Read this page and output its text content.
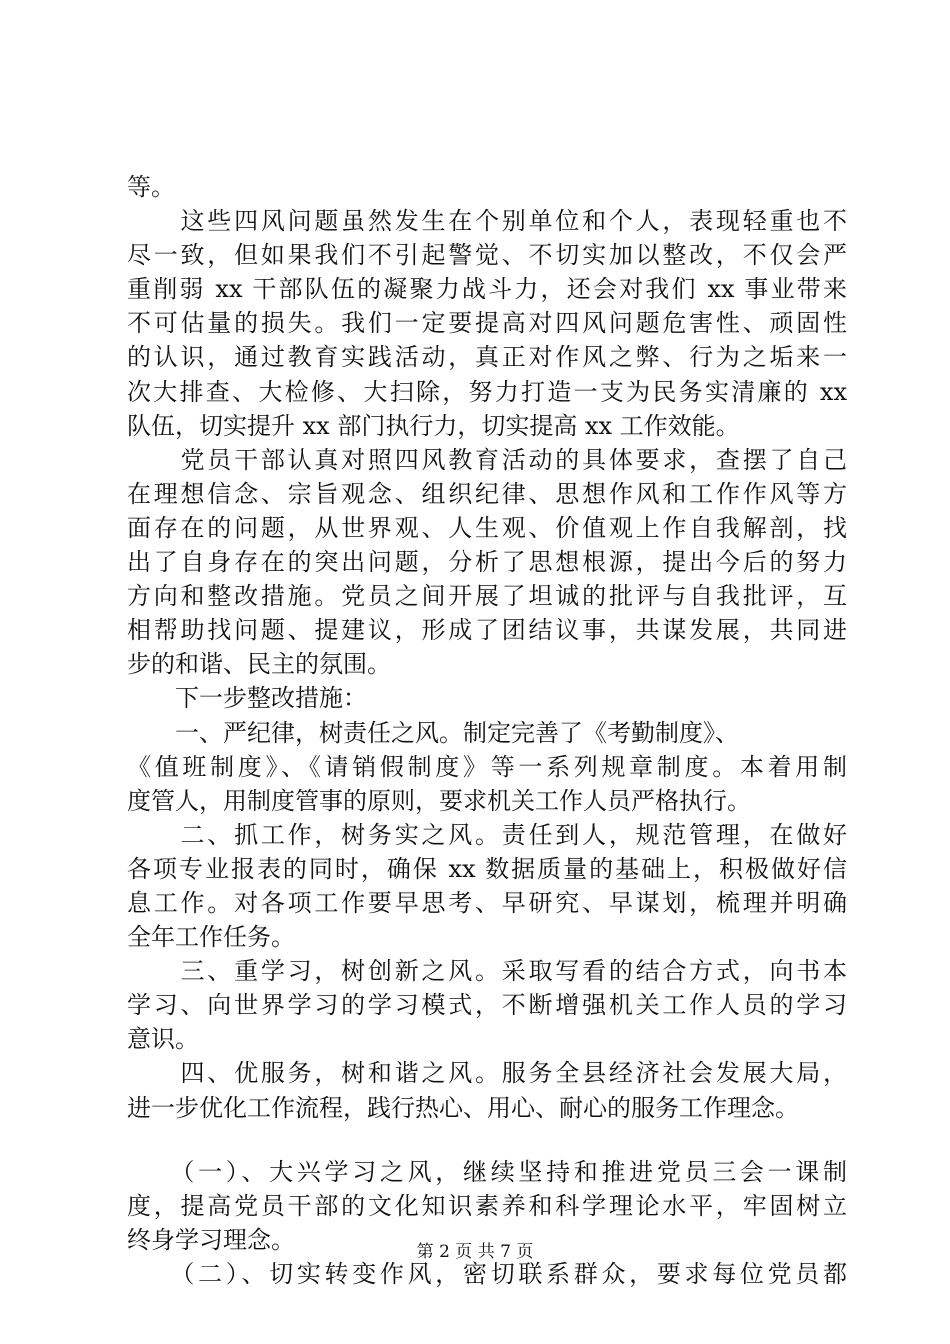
等。
　　这些四风问题虽然发生在个别单位和个人，表现轻重也不
尽一致，但如果我们不引起警觉、不切实加以整改，不仅会严
重削弱 xx 干部队伍的凝聚力战斗力，还会对我们 xx 事业带来
不可估量的损失。我们一定要提高对四风问题危害性、顽固性
的认识，通过教育实践活动，真正对作风之弊、行为之垢来一
次大排查、大检修、大扫除，努力打造一支为民务实清廉的 xx
队伍，切实提升 xx 部门执行力，切实提高 xx 工作效能。
　　党员干部认真对照四风教育活动的具体要求，查摆了自己
在理想信念、宗旨观念、组织纪律、思想作风和工作作风等方
面存在的问题，从世界观、人生观、价值观上作自我解剖，找
出了自身存在的突出问题，分析了思想根源，提出今后的努力
方向和整改措施。党员之间开展了坦诚的批评与自我批评，互
相帮助找问题、提建议，形成了团结议事，共谋发展，共同进
步的和谐、民主的氛围。
　　下一步整改措施：
　　一、严纪律，树责任之风。制定完善了《考勤制度》、
《值班制度》、《请销假制度》等一系列规章制度。本着用制
度管人，用制度管事的原则，要求机关工作人员严格执行。
　　二、抓工作，树务实之风。责任到人，规范管理，在做好
各项专业报表的同时，确保 xx 数据质量的基础上，积极做好信
息工作。对各项工作要早思考、早研究、早谋划，梳理并明确
全年工作任务。
　　三、重学习，树创新之风。采取写看的结合方式，向书本
学习、向世界学习的学习模式，不断增强机关工作人员的学习
意识。
　　四、优服务，树和谐之风。服务全县经济社会发展大局，
进一步优化工作流程，践行热心、用心、耐心的服务工作理念。
　　（一）、大兴学习之风，继续坚持和推进党员三会一课制
度，提高党员干部的文化知识素养和科学理论水平，牢固树立
终身学习理念。
　　（二）、切实转变作风，密切联系群众，要求每位党员都
第 2 页 共 7 页
